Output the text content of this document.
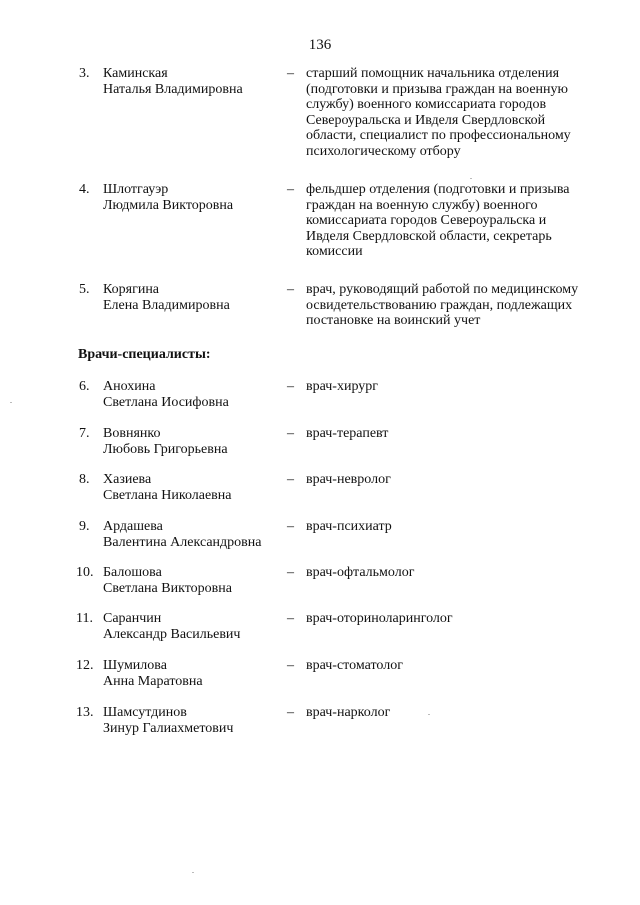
136
3. Каминская
Наталья Владимировна
– старший помощник начальника отделения
(подготовки и призыва граждан на военную
службу) военного комиссариата городов
Североуральска и Ивделя Свердловской
области, специалист по профессиональному
психологическому отбору
4. Шлотгауэр
Людмила Викторовна
– фельдшер отделения (подготовки и призыва
граждан на военную службу) военного
комиссариата городов Североуральска и
Ивделя Свердловской области, секретарь
комиссии
5. Корягина
Елена Владимировна
– врач, руководящий работой по медицинскому
освидетельствованию граждан, подлежащих
постановке на воинский учет
Врачи-специалисты:
6. Анохина
Светлана Иосифовна
– врач-хирург
7. Вовнянко
Любовь Григорьевна
– врач-терапевт
8. Хазиева
Светлана Николаевна
– врач-невролог
9. Ардашева
Валентина Александровна
– врач-психиатр
10. Балошова
Светлана Викторовна
– врач-офтальмолог
11. Саранчин
Александр Васильевич
– врач-оториноларинголог
12. Шумилова
Анна Маратовна
– врач-стоматолог
13. Шамсутдинов
Зинур Галиахметович
– врач-нарколог
